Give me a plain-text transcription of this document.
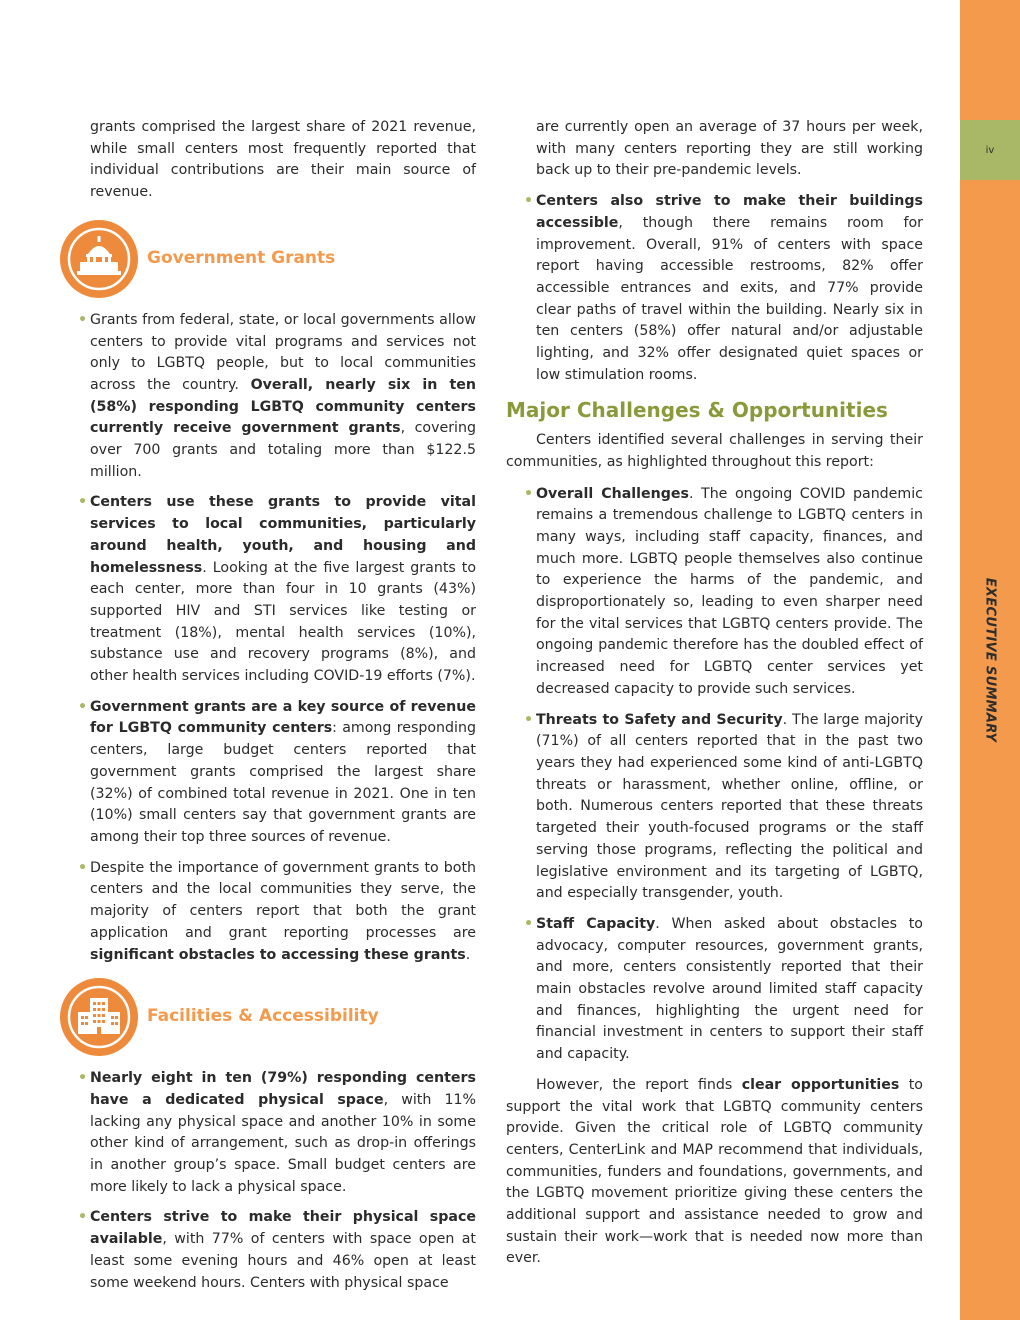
iv
EXECUTIVE SUMMARY

grants comprised the largest share of 2021 revenue, while small centers most frequently reported that individual contributions are their main source of revenue.

Government Grants
• Grants from federal, state, or local governments allow centers to provide vital programs and services not only to LGBTQ people, but to local communities across the country. Overall, nearly six in ten (58%) responding LGBTQ community centers currently receive government grants, covering over 700 grants and totaling more than $122.5 million.
• Centers use these grants to provide vital services to local communities, particularly around health, youth, and housing and homelessness. Looking at the five largest grants to each center, more than four in 10 grants (43%) supported HIV and STI services like testing or treatment (18%), mental health services (10%), substance use and recovery programs (8%), and other health services including COVID-19 efforts (7%).
• Government grants are a key source of revenue for LGBTQ community centers: among responding centers, large budget centers reported that government grants comprised the largest share (32%) of combined total revenue in 2021. One in ten (10%) small centers say that government grants are among their top three sources of revenue.
• Despite the importance of government grants to both centers and the local communities they serve, the majority of centers report that both the grant application and grant reporting processes are significant obstacles to accessing these grants.
Facilities & Accessibility
• Nearly eight in ten (79%) responding centers have a dedicated physical space, with 11% lacking any physical space and another 10% in some other kind of arrangement, such as drop-in offerings in another group’s space. Small budget centers are more likely to lack a physical space.
• Centers strive to make their physical space available, with 77% of centers with space open at least some evening hours and 46% open at least some weekend hours. Centers with physical space

are currently open an average of 37 hours per week, with many centers reporting they are still working back up to their pre-pandemic levels.

• Centers also strive to make their buildings accessible, though there remains room for improvement. Overall, 91% of centers with space report having accessible restrooms, 82% offer accessible entrances and exits, and 77% provide clear paths of travel within the building. Nearly six in ten centers (58%) offer natural and/or adjustable lighting, and 32% offer designated quiet spaces or low stimulation rooms.
Major Challenges & Opportunities

Centers identified several challenges in serving their communities, as highlighted throughout this report:

• Overall Challenges. The ongoing COVID pandemic remains a tremendous challenge to LGBTQ centers in many ways, including staff capacity, finances, and much more. LGBTQ people themselves also continue to experience the harms of the pandemic, and disproportionately so, leading to even sharper need for the vital services that LGBTQ centers provide. The ongoing pandemic therefore has the doubled effect of increased need for LGBTQ center services yet decreased capacity to provide such services.
• Threats to Safety and Security. The large majority (71%) of all centers reported that in the past two years they had experienced some kind of anti-LGBTQ threats or harassment, whether online, offline, or both. Numerous centers reported that these threats targeted their youth-focused programs or the staff serving those programs, reflecting the political and legislative environment and its targeting of LGBTQ, and especially transgender, youth.
• Staff Capacity. When asked about obstacles to advocacy, computer resources, government grants, and more, centers consistently reported that their main obstacles revolve around limited staff capacity and finances, highlighting the urgent need for financial investment in centers to support their staff and capacity.

However, the report finds clear opportunities to support the vital work that LGBTQ community centers provide. Given the critical role of LGBTQ community centers, CenterLink and MAP recommend that individuals, communities, funders and foundations, governments, and the LGBTQ movement prioritize giving these centers the additional support and assistance needed to grow and sustain their work—work that is needed now more than ever.
